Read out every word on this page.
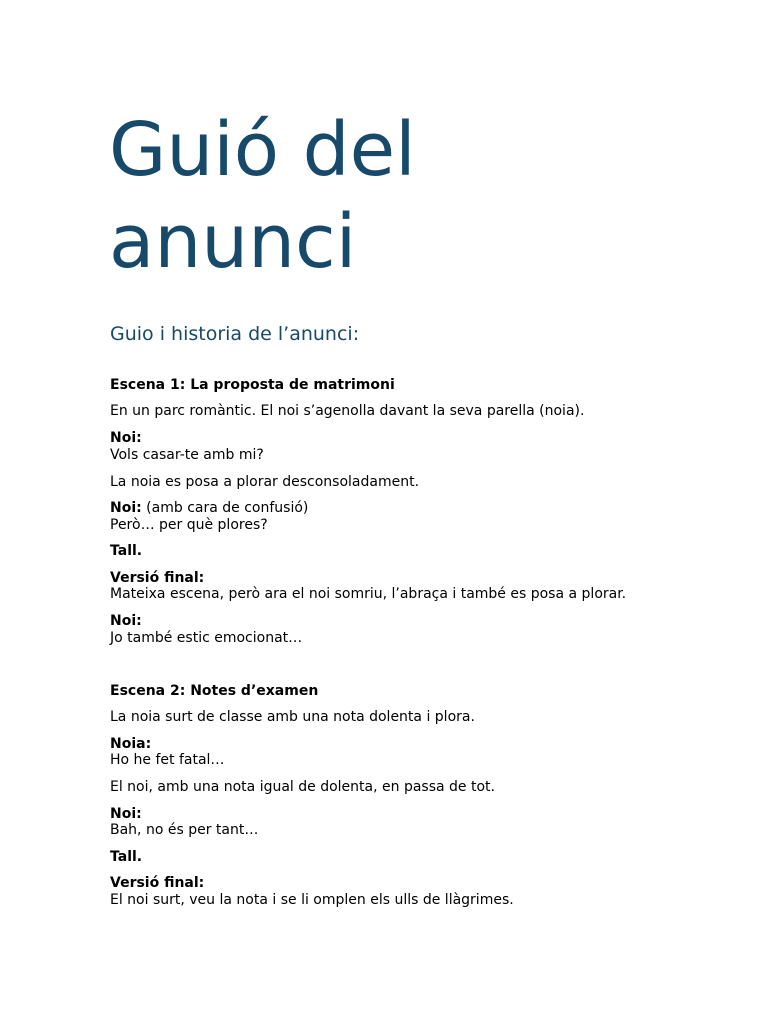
Guió del
anunci
Guio i historia de l’anunci:
Escena 1: La proposta de matrimoni
En un parc romàntic. El noi s’agenolla davant la seva parella (noia).
Noi:
Vols casar-te amb mi?
La noia es posa a plorar desconsoladament.
Noi: (amb cara de confusió)
Però… per què plores?
Tall.
Versió final:
Mateixa escena, però ara el noi somriu, l’abraça i també es posa a plorar.
Noi:
Jo també estic emocionat…
Escena 2: Notes d’examen
La noia surt de classe amb una nota dolenta i plora.
Noia:
Ho he fet fatal…
El noi, amb una nota igual de dolenta, en passa de tot.
Noi:
Bah, no és per tant…
Tall.
Versió final:
El noi surt, veu la nota i se li omplen els ulls de llàgrimes.
